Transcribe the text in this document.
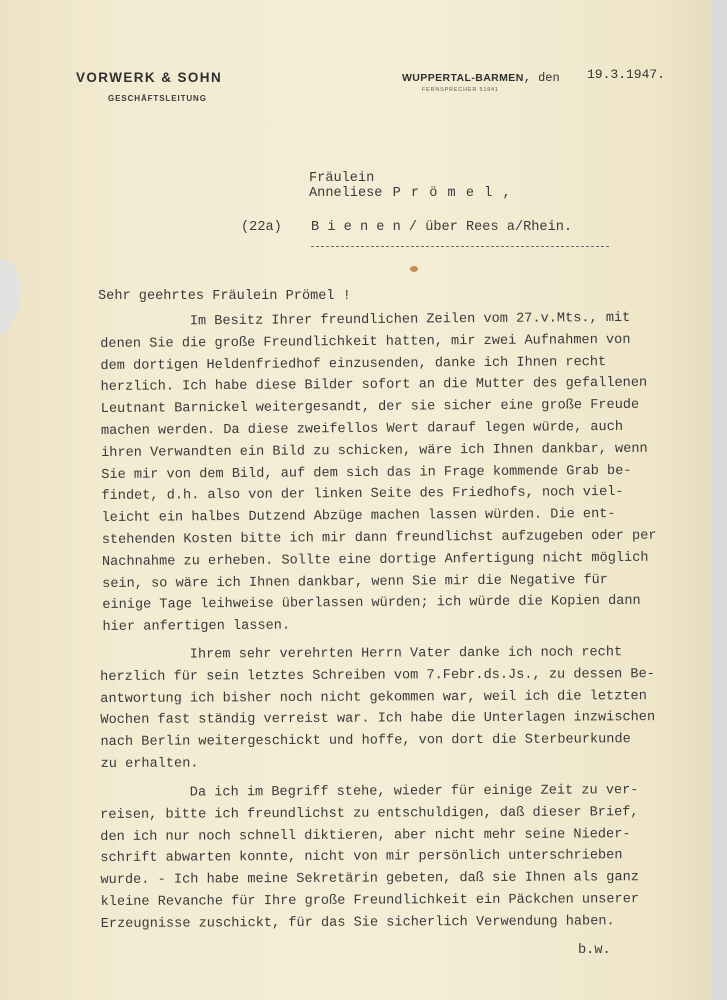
VORWERK & SOHN
GESCHÄFTSLEITUNG
WUPPERTAL-BARMEN, den
FERNSPRECHER 51941
19.3.1947.
Fräulein
Anneliese P r ö m e l ,
(22a) B i e n e n / über Rees a/Rhein.
Sehr geehrtes Fräulein Prömel !
Im Besitz Ihrer freundlichen Zeilen vom 27.v.Mts., mit
denen Sie die große Freundlichkeit hatten, mir zwei Aufnahmen von
dem dortigen Heldenfriedhof einzusenden, danke ich Ihnen recht
herzlich. Ich habe diese Bilder sofort an die Mutter des gefallenen
Leutnant Barnickel weitergesandt, der sie sicher eine große Freude
machen werden. Da diese zweifellos Wert darauf legen würde, auch
ihren Verwandten ein Bild zu schicken, wäre ich Ihnen dankbar, wenn
Sie mir von dem Bild, auf dem sich das in Frage kommende Grab be-
findet, d.h. also von der linken Seite des Friedhofs, noch viel-
leicht ein halbes Dutzend Abzüge machen lassen würden. Die ent-
stehenden Kosten bitte ich mir dann freundlichst aufzugeben oder per
Nachnahme zu erheben. Sollte eine dortige Anfertigung nicht möglich
sein, so wäre ich Ihnen dankbar, wenn Sie mir die Negative für
einige Tage leihweise überlassen würden; ich würde die Kopien dann
hier anfertigen lassen.
Ihrem sehr verehrten Herrn Vater danke ich noch recht
herzlich für sein letztes Schreiben vom 7.Febr.ds.Js., zu dessen Be-
antwortung ich bisher noch nicht gekommen war, weil ich die letzten
Wochen fast ständig verreist war. Ich habe die Unterlagen inzwischen
nach Berlin weitergeschickt und hoffe, von dort die Sterbeurkunde
zu erhalten.
Da ich im Begriff stehe, wieder für einige Zeit zu ver-
reisen, bitte ich freundlichst zu entschuldigen, daß dieser Brief,
den ich nur noch schnell diktieren, aber nicht mehr seine Nieder-
schrift abwarten konnte, nicht von mir persönlich unterschrieben
wurde. - Ich habe meine Sekretärin gebeten, daß sie Ihnen als ganz
kleine Revanche für Ihre große Freundlichkeit ein Päckchen unserer
Erzeugnisse zuschickt, für das Sie sicherlich Verwendung haben.
b.w.
